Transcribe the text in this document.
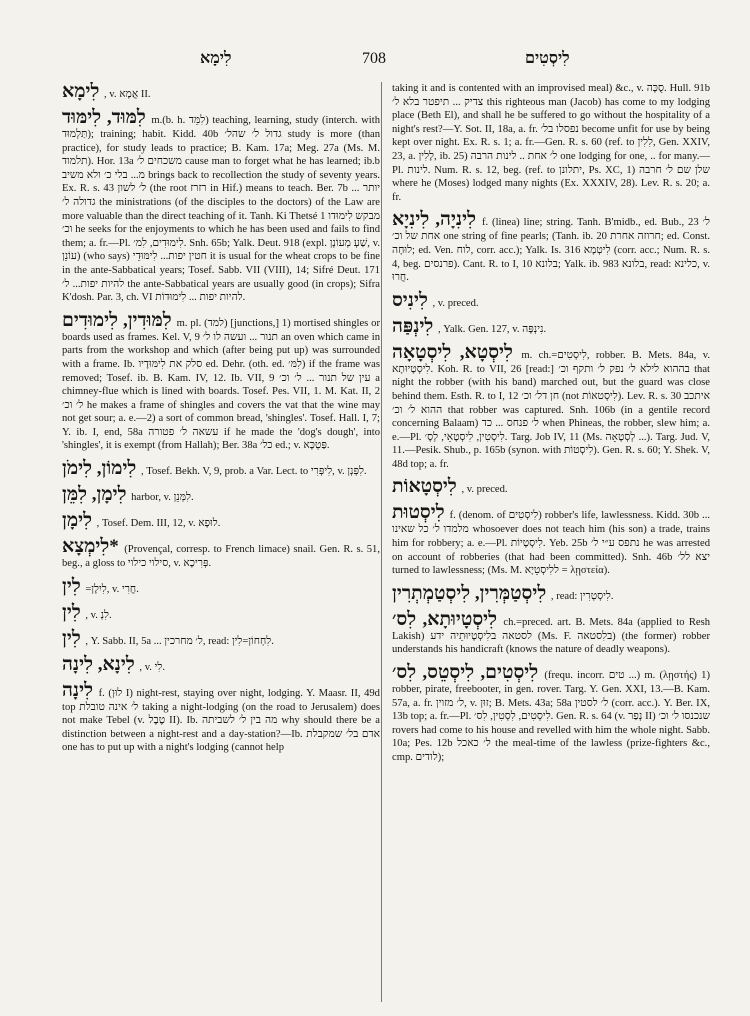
לִימָא	708	לִיסְטִים

לִימָא , v. אֲמָא II.

לִמּוּד, לִימּוּד m.(b. h. לִמֵּד) teaching, learning, study (interch. with תַּלְמוּד); training; habit. Kidd. 40b גדול ל׳ שהל׳ study is more (than practice), for study leads to practice; B. Kam. 17a; Meg. 27a (Ms. M. תלמוד). Hor. 13a משכחים ל׳ cause man to forget what he has learned; ib.b מ... בלי כ׳ ולא משיב brings back to recollection the study of seventy years. Ex. R. s. 43 ל׳ לשון (the root רזרז in Hif.) means to teach. Ber. 7b יותר ... גדולה ל׳ the ministrations (of the disciples to the doctors) of the Law are more valuable than the direct teaching of it. Tanh. Ki Thetsé 1 מבקש לִימוּדו וכ׳ he seeks for the enjoyments to which he has been used and fails to find them; a. fr.—Pl. לִימוּדִים, לִמ׳. Snh. 65b; Yalk. Deut. 918 (expl. שַׁעְ מְעוֹנְן, v. עוֹנֵן) (who says) חטין יפות... לִימּוּדֵי it is usual for the wheat crops to be fine in the ante-Sabbatical years; Tosef. Sabb. VII (VIII), 14; Sifré Deut. 171 להיות יפות... ל׳ the ante-Sabbatical years are usually good (in crops); Sifra K'dosh. Par. 3, ch. VI להיות יפות ... לִימוּדוֹת.

לִמּוּדִין, לִימוּדִים m. pl. (למד) [junctions,] 1) mortised shingles or boards used as frames. Kel. V, 9 תנור ... ועשה לו ל׳ an oven which came in parts from the workshop and which (after being put up) was surrounded with a frame. Ib. סלק את לִימּוּדָיו ed. Dehr. (oth. ed. לִמּ׳) if the frame was removed; Tosef. ib. B. Kam. IV, 12. Ib. VII, 9 עין של תנור ... ל׳ וכ׳ a chimney-flue which is lined with boards. Tosef. Pes. VII, 1. M. Kat. II, 2 ל׳ וכ׳ he makes a frame of shingles and covers the vat that the wine may not get sour; a. e.—2) a sort of common bread, 'shingles'. Tosef. Hall. I, 7; Y. ib. I, end, 58a עשאה ל׳ פטורה if he made the 'dog's dough', into 'shingles', it is exempt (from Hallah); Ber. 38a כל׳ ed.; v. פַּטְכָּא.

לִימוֹן, לִימֹן , Tosef. Bekh. V, 9, prob. a Var. Lect. to לִיפְּרִי, v. לִפְּנְן.

לִימָן, לִמֵּן harbor, v. לִמְּנֵן.

לִימָן , Tosef. Dem. III, 12, v. לוּפָא.

לִימְצָא* (Provençal, corresp. to French limace) snail. Gen. R. s. 51, beg., a gloss to סילוי כילוי, v. פְּרִיכָא.

לִין =לִיִלָן, v. חֲרִי.

לִין , v. לִנְ.

לִין , Y. Sabb. II, 5a ... ל׳ מחרכין, read: לִחְחוֹן=לִין.

לִינָא, לִינָה , v. לִי.

לִינָה f. (לוּן I) night-rest, staying over night, lodging. Y. Maasr. II, 49d top ל׳ אינה טובלת taking a night-lodging (on the road to Jerusalem) does not make Tebel (v. טֶבֶל II). Ib. מה בין ל׳ לשביתה why should there be a distinction between a night-rest and a day-station?—Ib. אדם בל׳ שמקבלת one has to put up with a night's lodging (cannot help

taking it and is contented with an improvised meal) &c., v. סֻכָּה. Hull. 91b צדיק ... תיפטר בלא ל׳ this righteous man (Jacob) has come to my lodging place (Beth El), and shall he be suffered to go without the hospitality of a night's rest?—Y. Sot. II, 18a, a. fr. נפסלו בל׳ become unfit for use by being kept over night. Ex. R. s. 1; a. fr.—Gen. R. s. 60 (ref. to לִלִין, Gen. XXIV, 23, a. לָלִין, ib. 25) ל׳ אחת .. לינות הרבה one lodging for one, .. for many.—Pl. לינות. Num. R. s. 12, beg. (ref. to יתלונן, Ps. XC, 1) שלן שם ל׳ חרבה where he (Moses) lodged many nights (Ex. XXXIV, 28). Lev. R. s. 20; a. fr.

לִינִיָה, לִינִיָא f. (linea) line; string. Tanh. B'midb., ed. Bub., 23 ל׳ אחת של וכ׳ one string of fine pearls; (Tanh. ib. 20 חרוזה אחרת; ed. Const. לוּחָה; ed. Ven. לוח, corr. acc.); Yalk. Is. 316 לִיטְמָא (corr. acc.; Num. R. s. 4, beg. פרנסים). Cant. R. to I, 10 בלונא; Yalk. ib. 983 בלונא, read: כלינא, v. חֲרוּ.

לִינִיס , v. preced.

לִינְפַּה , Yalk. Gen. 127, v. נִינְפָּה.

לִיסְטָא, לִיסְטָאָה m. ch.=לִיסְטִים, robber. B. Mets. 84a, v. לִיסְטָיוּתָא. Koh. R. to VII, 26 [read:] בההוא לילא ל׳ נפק ל׳ ותקף וכ׳ that night the robber (with his band) marched out, but the guard was close behind them. Esth. R. to I, 12 חן דל׳ וכ׳ (not לִיסְטאוֹת). Lev. R. s. 30 איתכב ההוא ל׳ וכ׳ that robber was captured. Snh. 106b (in a gentile record concerning Balaam) ל׳ פנחס ... כד when Phineas, the robber, slew him; a. e.—Pl. לִיסְטִין, לִיסְטָאֵי, לְסָ׳. Targ. Job IV, 11 (Ms. לְסְטָאָה ...). Targ. Jud. V, 11.—Pesik. Shub., p. 165b (synon. with לִיסְטוֹת). Gen. R. s. 60; Y. Shek. V, 48d top; a. fr.

לִיסְטָאוֹת , v. preced.

לִיסְטוּת f. (denom. of לִיסְטִים) robber's life, lawlessness. Kidd. 30b ... מלמדו ל׳ כל שאינו whosoever does not teach him (his son) a trade, trains him for robbery; a. e.—Pl. לִיסְטָיוֹת. Yeb. 25b נתפס ע״י ל׳ he was arrested on account of robberies (that had been committed). Snh. 46b יצא לל׳ turned to lawlessness; (Ms. M. ללִיסְטֵיָא = λῃστεία).

לִיסְטַמְּרִין, לִיסְטַמְתְרִין , read: לִיסְטְרִין.

לִיסְטָיוּתָא, לִס׳ ch.=preced. art. B. Mets. 84a (applied to Resh Lakish) לסטאה בלִיסְטָיוּתֵיה ידע (Ms. F. בלִסטאה) (the former) robber understands his handicraft (knows the nature of deadly weapons).

לִיסְטִים, לִיסְטֵס, לִס׳ (frequ. incorr. טים ...) m. (λῃστής) 1) robber, pirate, freebooter, in gen. rover. Targ. Y. Gen. XXI, 13.—B. Kam. 57a, a. fr. ל׳ מזוין, v. זוּן; B. Mets. 43a; 58a ל׳ לסטין (corr. acc.). Y. Ber. IX, 13b top; a. fr.—Pl. לִיסְטִים, לִסְטִין, לִס׳. Gen. R. s. 64 (v. נְפַר II) שנכנסו ל׳ וכ׳ rovers had come to his house and revelled with him the whole night. Sabb. 10a; Pes. 12b ל׳ כאכל the meal-time of the lawless (prize-fighters &c., cmp. לודים);
